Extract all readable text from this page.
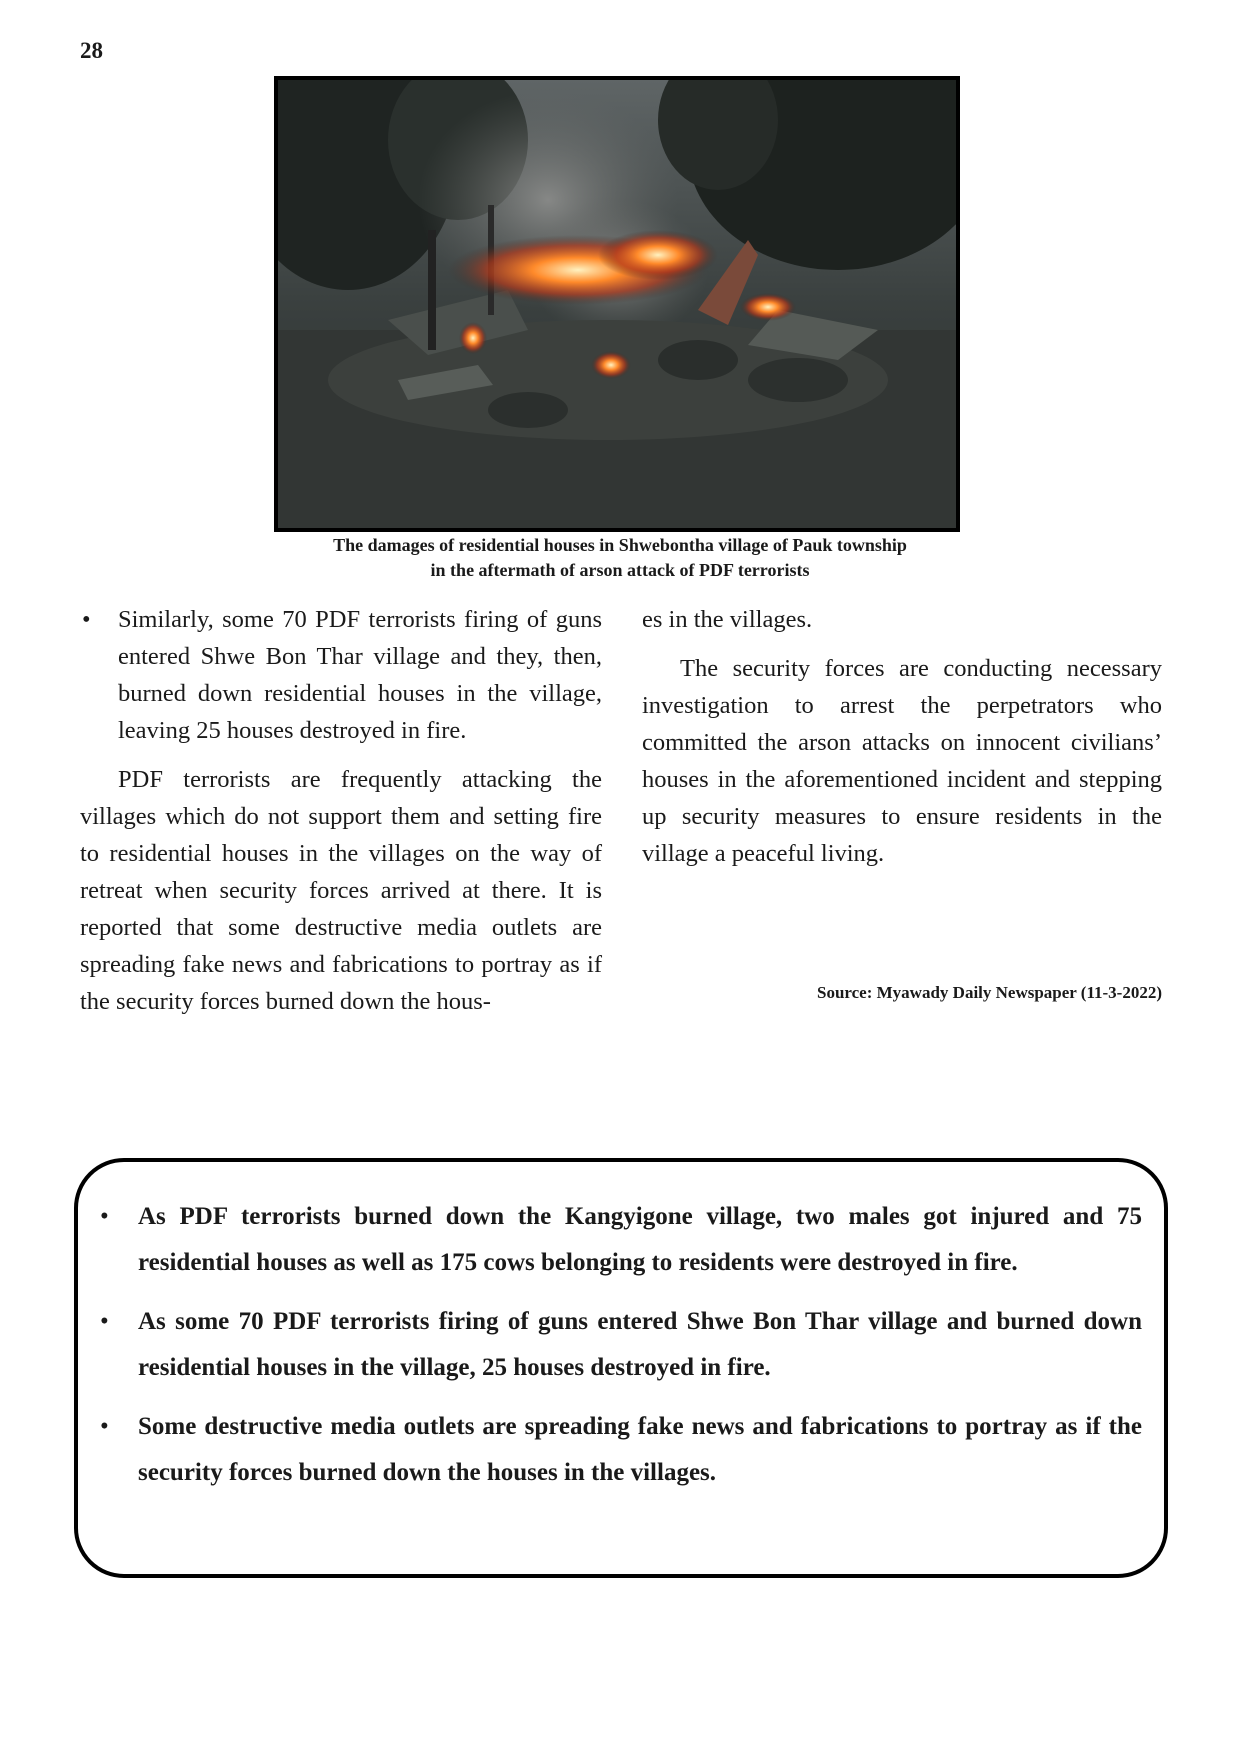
28
The damages of residential houses in Shwebontha village of Pauk township
in the aftermath of arson attack of PDF terrorists

• Similarly, some 70 PDF terrorists firing of guns entered Shwe Bon Thar village and they, then, burned down residential houses in the village, leaving 25 houses destroyed in fire.

PDF terrorists are frequently attacking the villages which do not support them and setting fire to residential houses in the villages on the way of retreat when security forces arrived at there. It is reported that some destructive media outlets are spreading fake news and fabrications to portray as if the security forces burned down the hous-

es in the villages.

The security forces are conducting necessary investigation to arrest the perpetrators who committed the arson attacks on innocent civilians’ houses in the aforementioned incident and stepping up security measures to ensure residents in the village a peaceful living.

Source: Myawady Daily Newspaper (11-3-2022)
• As PDF terrorists burned down the Kangyigone village, two males got injured and 75 residential houses as well as 175 cows belonging to residents were destroyed in fire.
• As some 70 PDF terrorists firing of guns entered Shwe Bon Thar village and burned down residential houses in the village, 25 houses destroyed in fire.
• Some destructive media outlets are spreading fake news and fabrications to portray as if the security forces burned down the houses in the villages.
